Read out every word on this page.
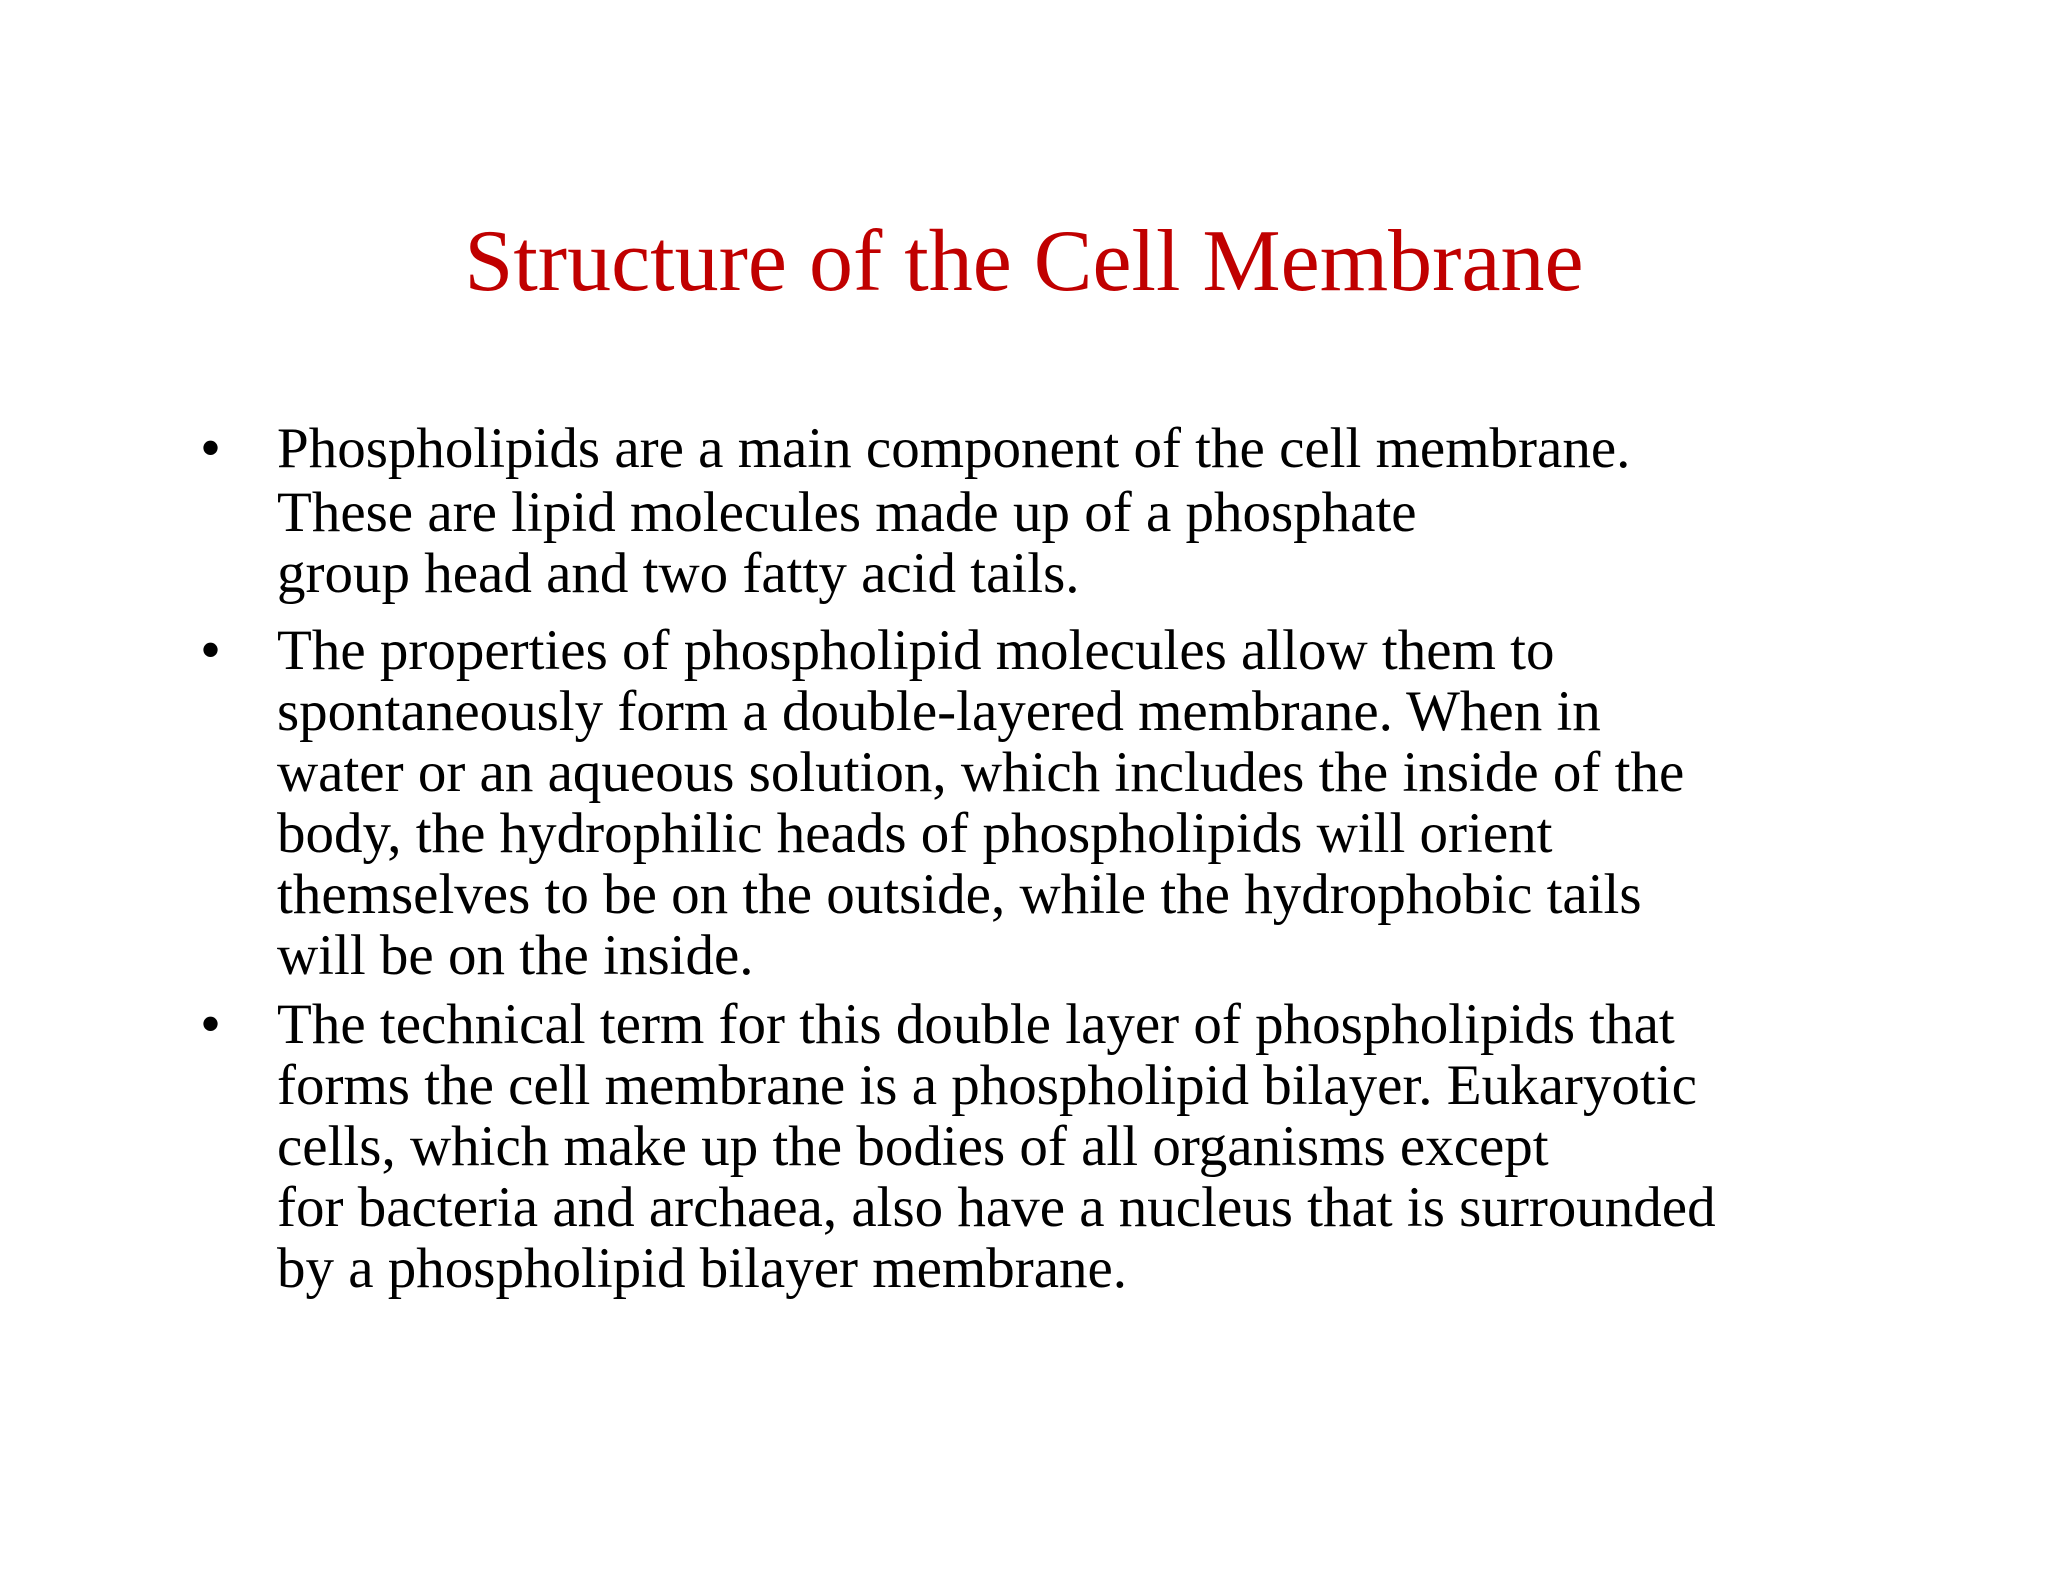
Structure of the Cell Membrane
• Phospholipids are a main component of the cell membrane.
These are lipid molecules made up of a phosphate
group head and two fatty acid tails.
• The properties of phospholipid molecules allow them to
spontaneously form a double-layered membrane. When in
water or an aqueous solution, which includes the inside of the
body, the hydrophilic heads of phospholipids will orient
themselves to be on the outside, while the hydrophobic tails
will be on the inside.
• The technical term for this double layer of phospholipids that
forms the cell membrane is a phospholipid bilayer. Eukaryotic
cells, which make up the bodies of all organisms except
for bacteria and archaea, also have a nucleus that is surrounded
by a phospholipid bilayer membrane.
